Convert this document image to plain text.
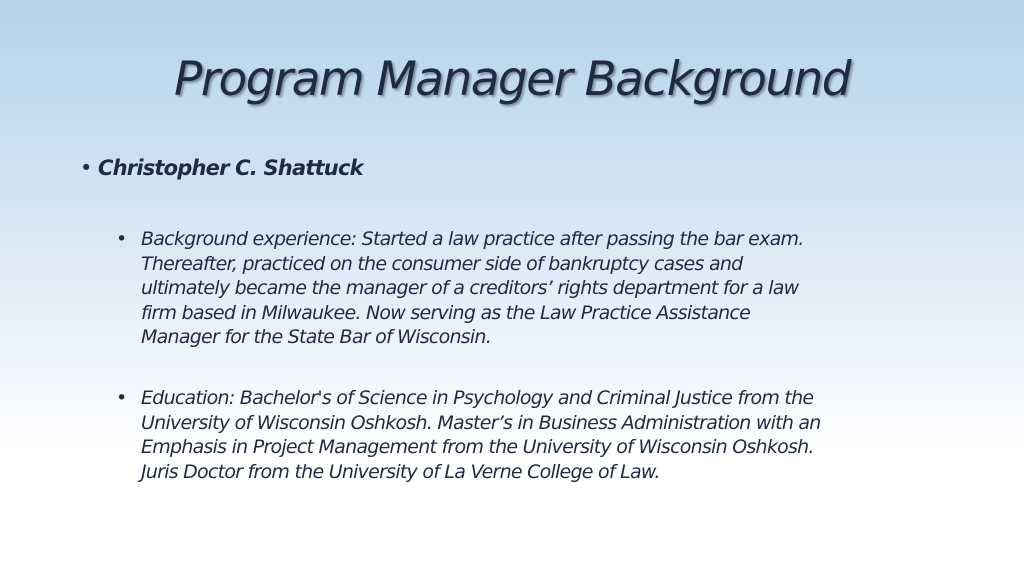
Program Manager Background
• Christopher C. Shattuck
• Background experience: Started a law practice after passing the bar exam.
Thereafter, practiced on the consumer side of bankruptcy cases and
ultimately became the manager of a creditors’ rights department for a law
firm based in Milwaukee. Now serving as the Law Practice Assistance
Manager for the State Bar of Wisconsin.
• Education: Bachelor's of Science in Psychology and Criminal Justice from the
University of Wisconsin Oshkosh. Master’s in Business Administration with an
Emphasis in Project Management from the University of Wisconsin Oshkosh.
Juris Doctor from the University of La Verne College of Law.
